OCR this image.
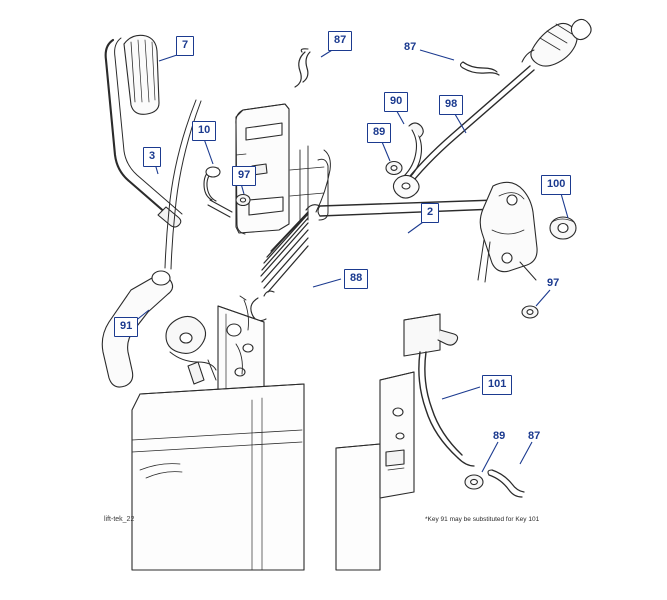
7	87
87
90	98
89
10
3
97
100
2
88	97
91
101
89 87
lift-tek_22	*Key 91 may be substituted for Key 101
